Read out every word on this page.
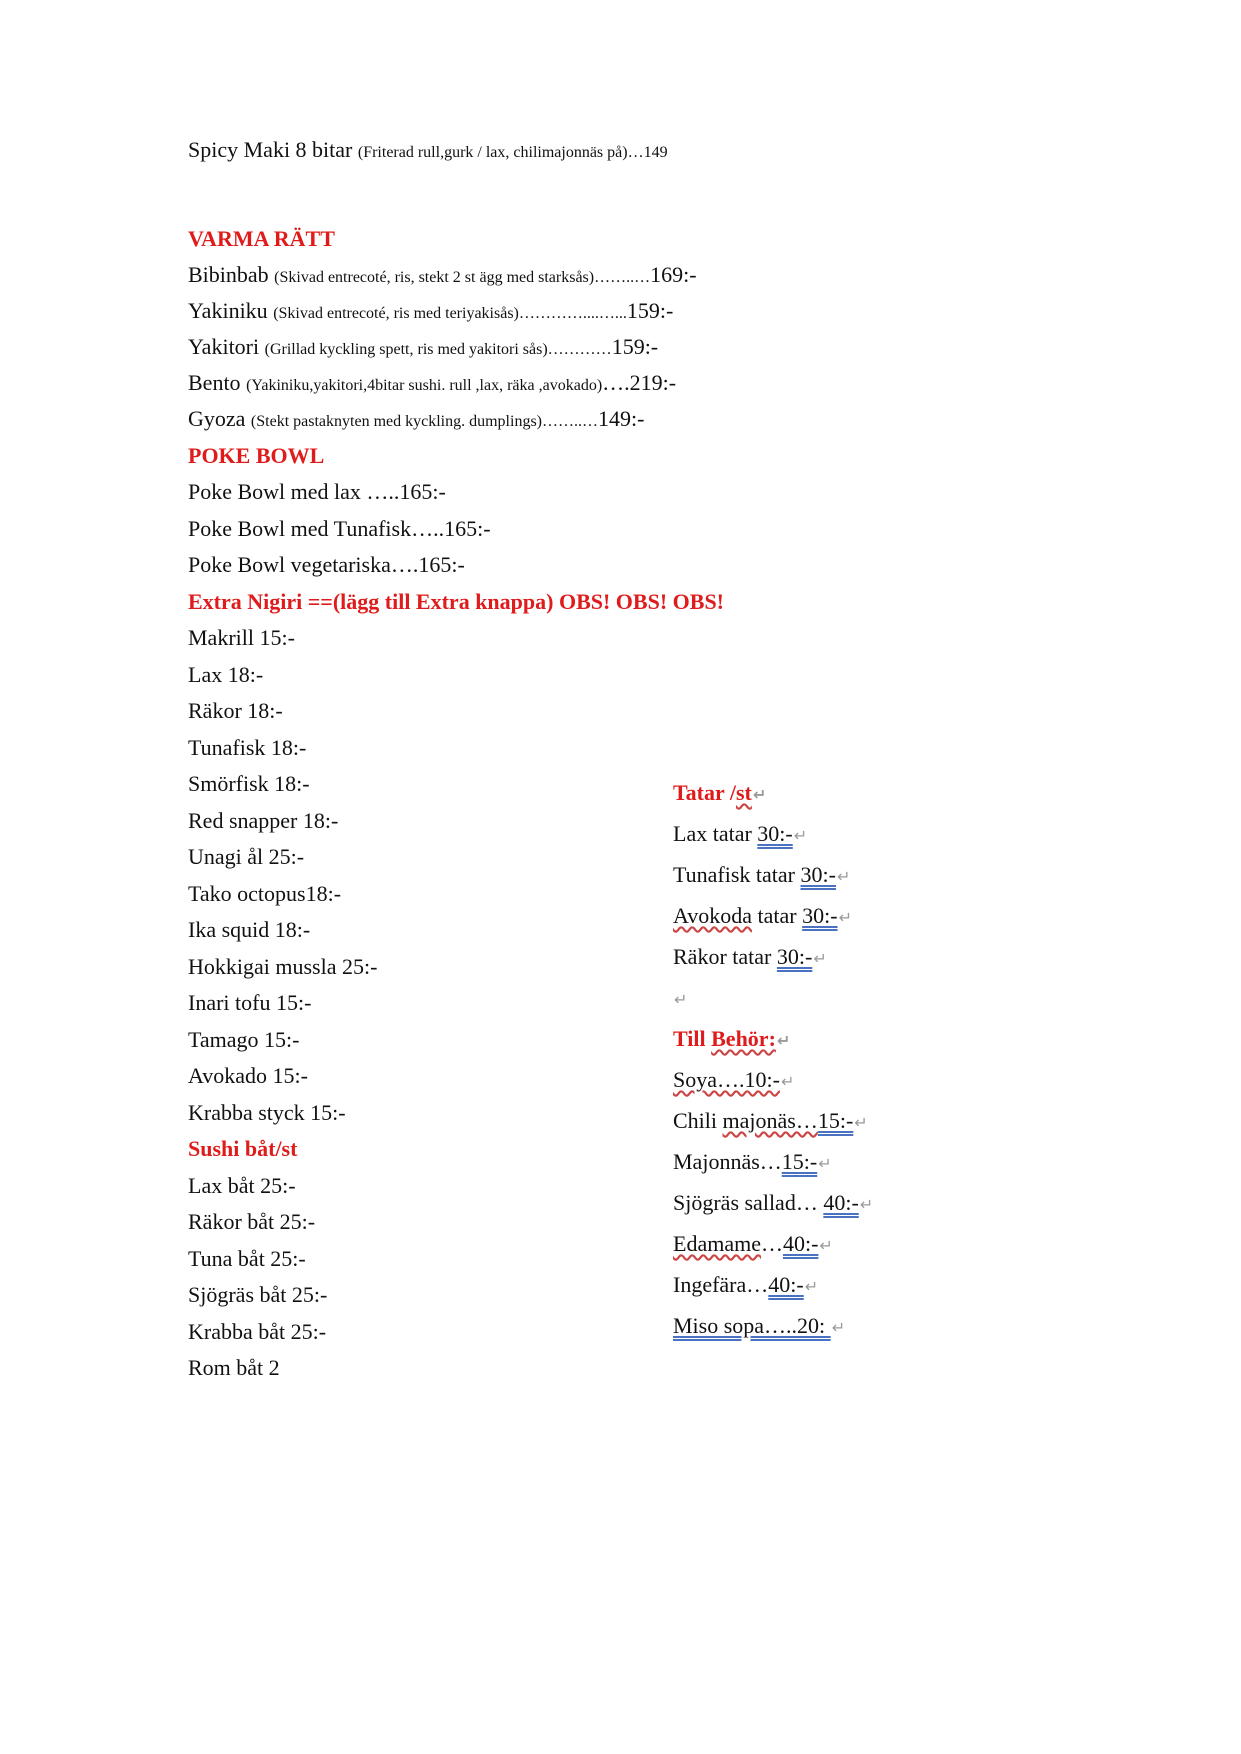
Spicy Maki 8 bitar (Friterad rull,gurk / lax, chilimajonnäs på)…149
VARMA RÄTT
Bibinbab (Skivad entrecoté, ris, stekt 2 st ägg med starksås)……..…169:-
Yakiniku (Skivad entrecoté, ris med teriyakisås)…………....…...159:-
Yakitori (Grillad kyckling spett, ris med yakitori sås)…………159:-
Bento (Yakiniku,yakitori,4bitar sushi. rull ,lax, räka ,avokado)….219:-
Gyoza (Stekt pastaknyten med kyckling. dumplings)……..…149:-
POKE BOWL
Poke Bowl med lax …..165:-
Poke Bowl med Tunafisk…..165:-
Poke Bowl vegetariska….165:-
Extra Nigiri ==(lägg till Extra knappa) OBS! OBS! OBS!
Makrill 15:-
Lax 18:-
Räkor 18:-
Tunafisk 18:-
Smörfisk 18:-
Red snapper 18:-
Unagi ål 25:-
Tako octopus18:-
Ika squid 18:-
Hokkigai mussla 25:-
Inari tofu 15:-
Tamago 15:-
Avokado 15:-
Krabba styck 15:-
Sushi båt/st
Lax båt 25:-
Räkor båt 25:-
Tuna båt 25:-
Sjögräs båt 25:-
Krabba båt 25:-
Rom båt 2
Tatar /st↵
Lax tatar 30:-↵
Tunafisk tatar 30:-↵
Avokoda tatar 30:-↵
Räkor tatar 30:-↵
↵
Till Behör:↵
Soya….10:-↵
Chili majonäs…15:-↵
Majonnäs…15:-↵
Sjögräs sallad… 40:-↵
Edamame…40:-↵
Ingefära…40:-↵
Miso sopa…..20: ↵
